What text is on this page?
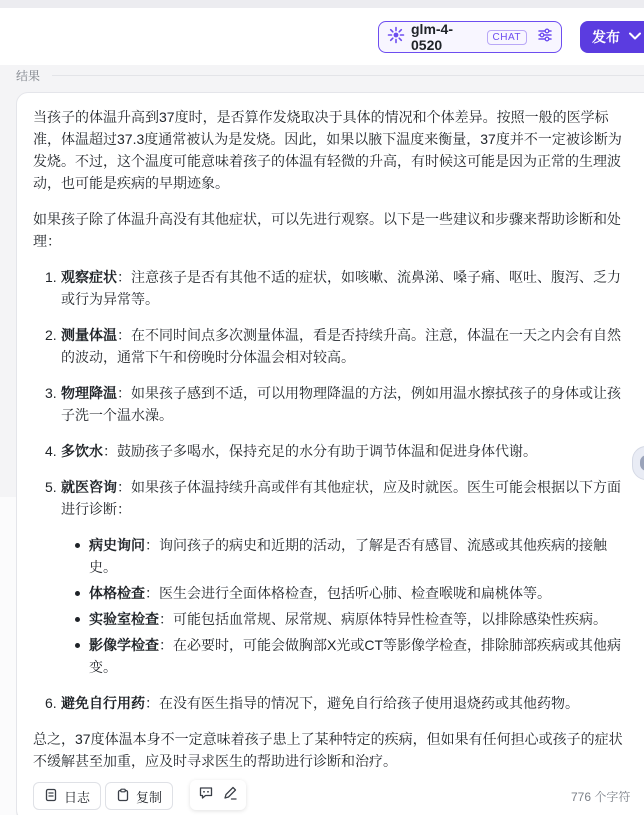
glm-4-0520	CHAT	发布
结果

当孩子的体温升高到37度时，是否算作发烧取决于具体的情况和个体差异。按照一般的医学标准，体温超过37.3度通常被认为是发烧。因此，如果以腋下温度来衡量，37度并不一定被诊断为发烧。不过，这个温度可能意味着孩子的体温有轻微的升高，有时候这可能是因为正常的生理波动，也可能是疾病的早期迹象。

如果孩子除了体温升高没有其他症状，可以先进行观察。以下是一些建议和步骤来帮助诊断和处理：

1. 观察症状：注意孩子是否有其他不适的症状，如咳嗽、流鼻涕、嗓子痛、呕吐、腹泻、乏力或行为异常等。
2. 测量体温：在不同时间点多次测量体温，看是否持续升高。注意，体温在一天之内会有自然的波动，通常下午和傍晚时分体温会相对较高。
3. 物理降温：如果孩子感到不适，可以用物理降温的方法，例如用温水擦拭孩子的身体或让孩子洗一个温水澡。
4. 多饮水：鼓励孩子多喝水，保持充足的水分有助于调节体温和促进身体代谢。
5. 就医咨询：如果孩子体温持续升高或伴有其他症状，应及时就医。医生可能会根据以下方面进行诊断：
病史询问：询问孩子的病史和近期的活动，了解是否有感冒、流感或其他疾病的接触史。
体格检查：医生会进行全面体格检查，包括听心肺、检查喉咙和扁桃体等。
实验室检查：可能包括血常规、尿常规、病原体特异性检查等，以排除感染性疾病。
影像学检查：在必要时，可能会做胸部X光或CT等影像学检查，排除肺部疾病或其他病变。
6. 避免自行用药：在没有医生指导的情况下，避免自行给孩子使用退烧药或其他药物。

总之，37度体温本身不一定意味着孩子患上了某种特定的疾病，但如果有任何担心或孩子的症状不缓解甚至加重，应及时寻求医生的帮助进行诊断和治疗。

日志	复制	776 个字符
